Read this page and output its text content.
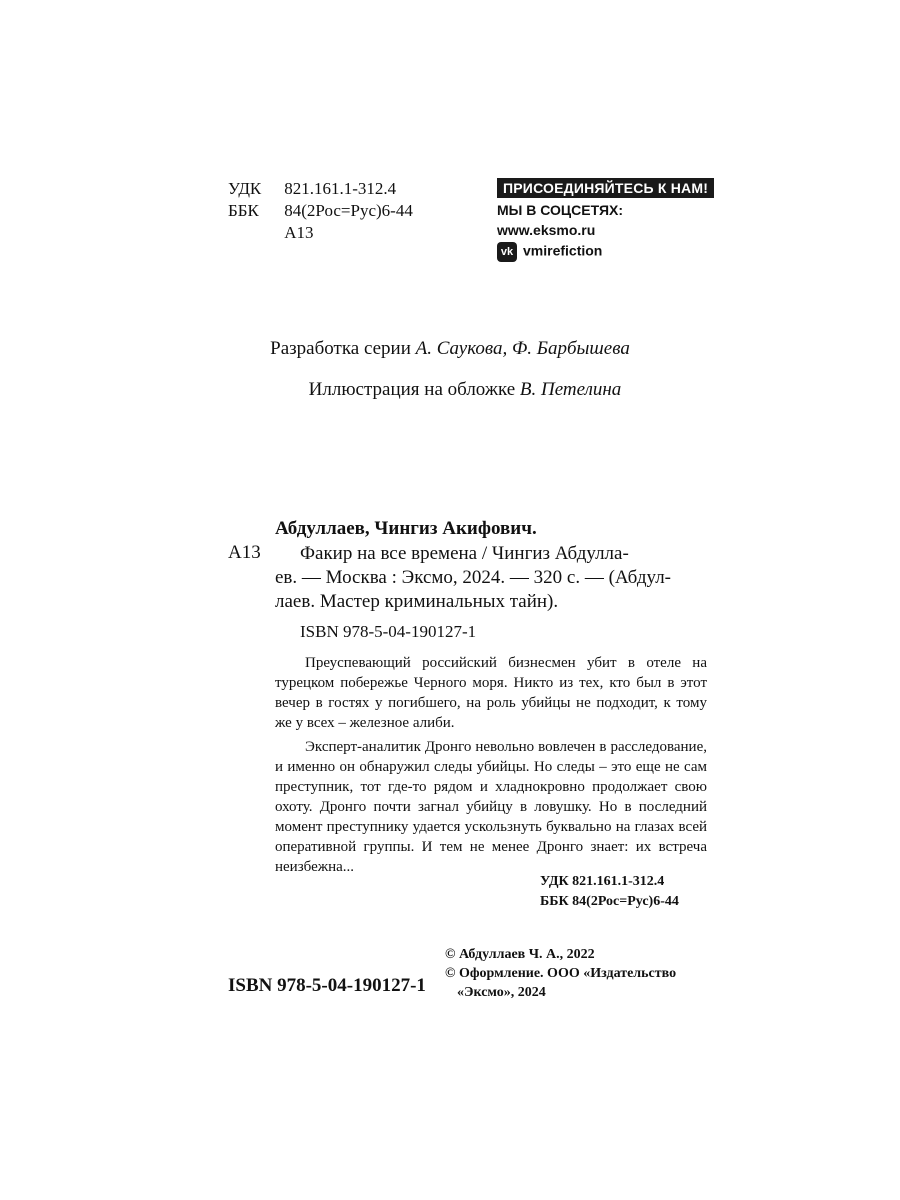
УДК 821.161.1-312.4
ББК 84(2Рос=Рус)6-44
А13
ПРИСОЕДИНЯЙТЕСЬ К НАМ!
МЫ В СОЦСЕТЯХ:
www.eksmo.ru
vk vmirefiction
Разработка серии А. Саукова, Ф. Барбышева
Иллюстрация на обложке В. Петелина
Абдуллаев, Чингиз Акифович.
А13	Факир на все времена / Чингиз Абдулла-
ев. — Москва : Эксмо, 2024. — 320 с. — (Абдул-
лаев. Мастер криминальных тайн).
ISBN 978-5-04-190127-1

Преуспевающий российский бизнесмен убит в отеле на турецком побережье Черного моря. Никто из тех, кто был в этот вечер в гостях у погибшего, на роль убийцы не подходит, к тому же у всех – железное алиби.

Эксперт-аналитик Дронго невольно вовлечен в расследование, и именно он обнаружил следы убийцы. Но следы – это еще не сам преступник, тот где-то рядом и хладнокровно продолжает свою охоту. Дронго почти загнал убийцу в ловушку. Но в последний момент преступнику удается ускользнуть буквально на глазах всей оперативной группы. И тем не менее Дронго знает: их встреча неизбежна...

УДК 821.161.1-312.4
ББК 84(2Рос=Рус)6-44
ISBN 978-5-04-190127-1
© Абдуллаев Ч. А., 2022
© Оформление. ООО «Издательство
«Эксмо», 2024
